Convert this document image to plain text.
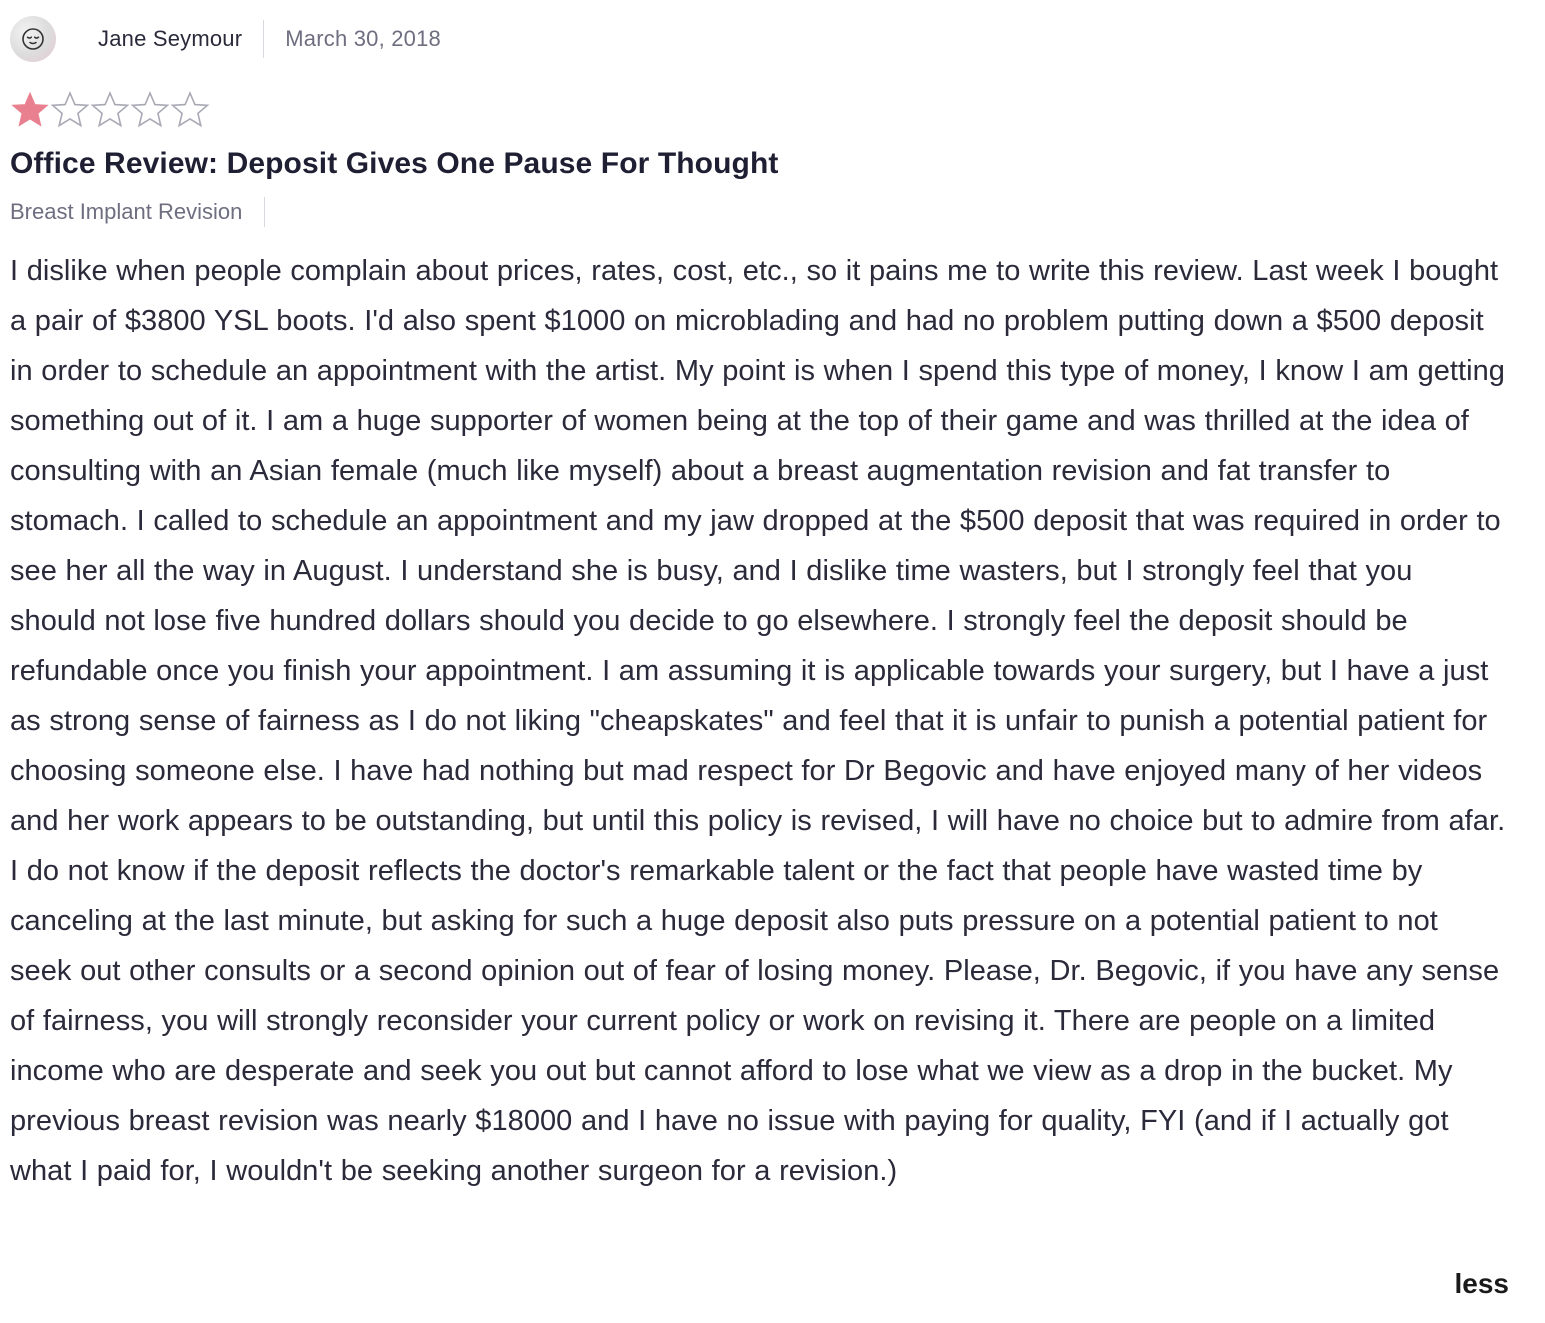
Jane Seymour March 30, 2018
Office Review: Deposit Gives One Pause For Thought
Breast Implant Revision
I dislike when people complain about prices, rates, cost, etc., so it pains me to write this review. Last week I bought a pair of $3800 YSL boots. I'd also spent $1000 on microblading and had no problem putting down a $500 deposit in order to schedule an appointment with the artist. My point is when I spend this type of money, I know I am getting something out of it. I am a huge supporter of women being at the top of their game and was thrilled at the idea of consulting with an Asian female (much like myself) about a breast augmentation revision and fat transfer to stomach. I called to schedule an appointment and my jaw dropped at the $500 deposit that was required in order to see her all the way in August. I understand she is busy, and I dislike time wasters, but I strongly feel that you should not lose five hundred dollars should you decide to go elsewhere. I strongly feel the deposit should be refundable once you finish your appointment. I am assuming it is applicable towards your surgery, but I have a just as strong sense of fairness as I do not liking "cheapskates" and feel that it is unfair to punish a potential patient for choosing someone else. I have had nothing but mad respect for Dr Begovic and have enjoyed many of her videos and her work appears to be outstanding, but until this policy is revised, I will have no choice but to admire from afar. I do not know if the deposit reflects the doctor's remarkable talent or the fact that people have wasted time by canceling at the last minute, but asking for such a huge deposit also puts pressure on a potential patient to not seek out other consults or a second opinion out of fear of losing money. Please, Dr. Begovic, if you have any sense of fairness, you will strongly reconsider your current policy or work on revising it. There are people on a limited income who are desperate and seek you out but cannot afford to lose what we view as a drop in the bucket. My previous breast revision was nearly $18000 and I have no issue with paying for quality, FYI (and if I actually got what I paid for, I wouldn't be seeking another surgeon for a revision.)
less
